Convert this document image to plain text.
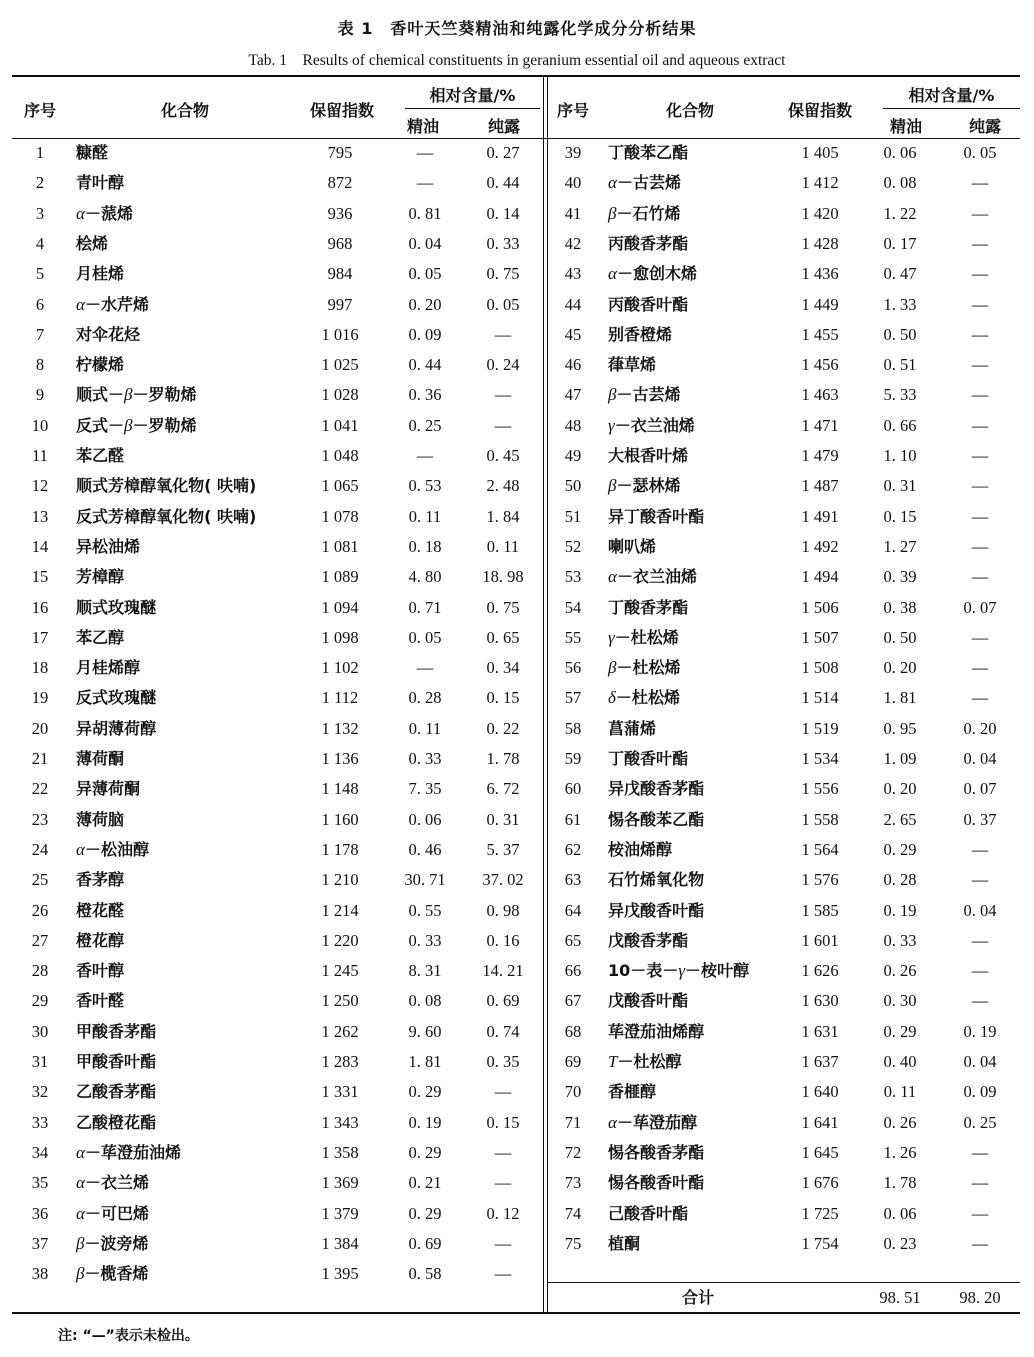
表 1　香叶天竺葵精油和纯露化学成分分析结果
Tab. 1　Results of chemical constituents in geranium essential oil and aqueous extract
序号	化合物	保留指数
相对含量/%
精油	纯露
序号	化合物	保留指数
相对含量/%
精油	纯露
1	糠醛	795	—	0. 27
2	青叶醇	872	—	0. 44
3	α－蒎烯	936	0. 81	0. 14
4	桧烯	968	0. 04	0. 33
5	月桂烯	984	0. 05	0. 75
6	α－水芹烯	997	0. 20	0. 05
7	对伞花烃	1 016	0. 09	—
8	柠檬烯	1 025	0. 44	0. 24
9	顺式－β－罗勒烯	1 028	0. 36	—
10	反式－β－罗勒烯	1 041	0. 25	—
11	苯乙醛	1 048	—	0. 45
12	顺式芳樟醇氧化物( 呋喃)	1 065	0. 53	2. 48
13	反式芳樟醇氧化物( 呋喃)	1 078	0. 11	1. 84
14	异松油烯	1 081	0. 18	0. 11
15	芳樟醇	1 089	4. 80	18. 98
16	顺式玫瑰醚	1 094	0. 71	0. 75
17	苯乙醇	1 098	0. 05	0. 65
18	月桂烯醇	1 102	—	0. 34
19	反式玫瑰醚	1 112	0. 28	0. 15
20	异胡薄荷醇	1 132	0. 11	0. 22
21	薄荷酮	1 136	0. 33	1. 78
22	异薄荷酮	1 148	7. 35	6. 72
23	薄荷脑	1 160	0. 06	0. 31
24	α－松油醇	1 178	0. 46	5. 37
25	香茅醇	1 210	30. 71	37. 02
26	橙花醛	1 214	0. 55	0. 98
27	橙花醇	1 220	0. 33	0. 16
28	香叶醇	1 245	8. 31	14. 21
29	香叶醛	1 250	0. 08	0. 69
30	甲酸香茅酯	1 262	9. 60	0. 74
31	甲酸香叶酯	1 283	1. 81	0. 35
32	乙酸香茅酯	1 331	0. 29	—
33	乙酸橙花酯	1 343	0. 19	0. 15
34	α－荜澄茄油烯	1 358	0. 29	—
35	α－衣兰烯	1 369	0. 21	—
36	α－可巴烯	1 379	0. 29	0. 12
37	β－波旁烯	1 384	0. 69	—
38	β－榄香烯	1 395	0. 58	—
39	丁酸苯乙酯	1 405	0. 06	0. 05
40	α－古芸烯	1 412	0. 08	—
41	β－石竹烯	1 420	1. 22	—
42	丙酸香茅酯	1 428	0. 17	—
43	α－愈创木烯	1 436	0. 47	—
44	丙酸香叶酯	1 449	1. 33	—
45	别香橙烯	1 455	0. 50	—
46	葎草烯	1 456	0. 51	—
47	β－古芸烯	1 463	5. 33	—
48	γ－衣兰油烯	1 471	0. 66	—
49	大根香叶烯	1 479	1. 10	—
50	β－瑟林烯	1 487	0. 31	—
51	异丁酸香叶酯	1 491	0. 15	—
52	喇叭烯	1 492	1. 27	—
53	α－衣兰油烯	1 494	0. 39	—
54	丁酸香茅酯	1 506	0. 38	0. 07
55	γ－杜松烯	1 507	0. 50	—
56	β－杜松烯	1 508	0. 20	—
57	δ－杜松烯	1 514	1. 81	—
58	菖蒲烯	1 519	0. 95	0. 20
59	丁酸香叶酯	1 534	1. 09	0. 04
60	异戊酸香茅酯	1 556	0. 20	0. 07
61	惕各酸苯乙酯	1 558	2. 65	0. 37
62	桉油烯醇	1 564	0. 29	—
63	石竹烯氧化物	1 576	0. 28	—
64	异戊酸香叶酯	1 585	0. 19	0. 04
65	戊酸香茅酯	1 601	0. 33	—
66	10－表－γ－桉叶醇	1 626	0. 26	—
67	戊酸香叶酯	1 630	0. 30	—
68	荜澄茄油烯醇	1 631	0. 29	0. 19
69	T－杜松醇	1 637	0. 40	0. 04
70	香榧醇	1 640	0. 11	0. 09
71	α－荜澄茄醇	1 641	0. 26	0. 25
72	惕各酸香茅酯	1 645	1. 26	—
73	惕各酸香叶酯	1 676	1. 78	—
74	己酸香叶酯	1 725	0. 06	—
75	植酮	1 754	0. 23	—
合计	98. 51	98. 20
注: “—”表示未检出。
